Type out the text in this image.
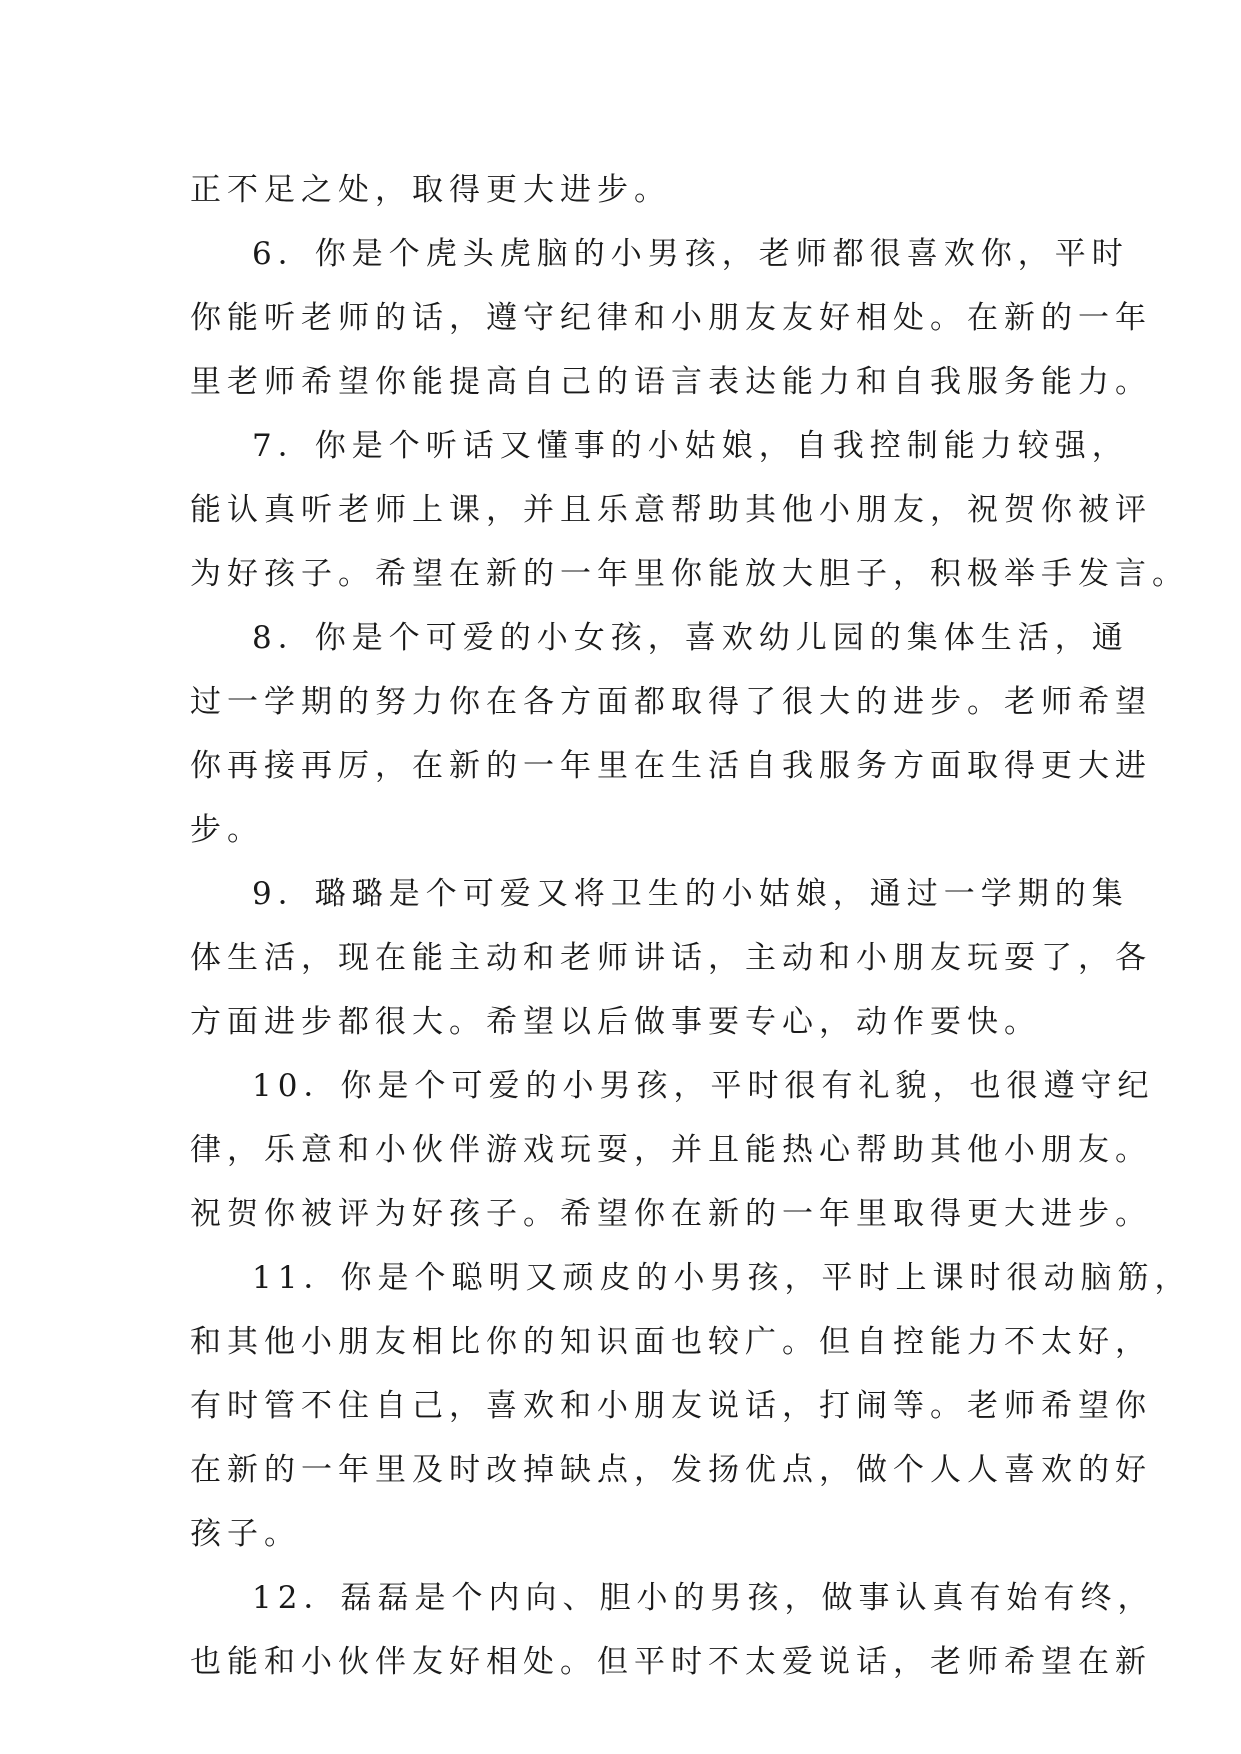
正不足之处，取得更大进步。
6．你是个虎头虎脑的小男孩，老师都很喜欢你，平时
你能听老师的话，遵守纪律和小朋友友好相处。在新的一年
里老师希望你能提高自己的语言表达能力和自我服务能力。
7．你是个听话又懂事的小姑娘，自我控制能力较强，
能认真听老师上课，并且乐意帮助其他小朋友，祝贺你被评
为好孩子。希望在新的一年里你能放大胆子，积极举手发言。
8．你是个可爱的小女孩，喜欢幼儿园的集体生活，通
过一学期的努力你在各方面都取得了很大的进步。老师希望
你再接再厉，在新的一年里在生活自我服务方面取得更大进
步。
9．璐璐是个可爱又将卫生的小姑娘，通过一学期的集
体生活，现在能主动和老师讲话，主动和小朋友玩耍了，各
方面进步都很大。希望以后做事要专心，动作要快。
10．你是个可爱的小男孩，平时很有礼貌，也很遵守纪
律，乐意和小伙伴游戏玩耍，并且能热心帮助其他小朋友。
祝贺你被评为好孩子。希望你在新的一年里取得更大进步。
11．你是个聪明又顽皮的小男孩，平时上课时很动脑筋，
和其他小朋友相比你的知识面也较广。但自控能力不太好，
有时管不住自己，喜欢和小朋友说话，打闹等。老师希望你
在新的一年里及时改掉缺点，发扬优点，做个人人喜欢的好
孩子。
12．磊磊是个内向、胆小的男孩，做事认真有始有终，
也能和小伙伴友好相处。但平时不太爱说话，老师希望在新
